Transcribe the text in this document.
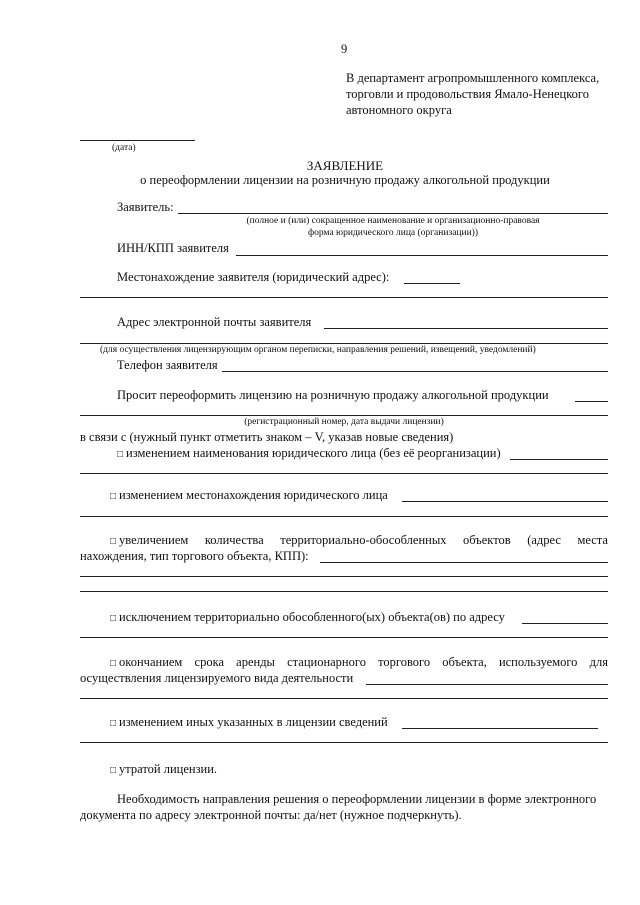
9
В департамент агропромышленного комплекса,
торговли и продовольствия Ямало-Ненецкого
автономного округа
(дата)
ЗАЯВЛЕНИЕ
о переоформлении лицензии на розничную продажу алкогольной продукции
Заявитель:
(полное и (или) сокращенное наименование и организационно-правовая
форма юридического лица (организации))
ИНН/КПП заявителя
Местонахождение заявителя (юридический адрес):
Адрес электронной почты заявителя
(для осуществления лицензирующим органом переписки, направления решений, извещений, уведомлений)
Телефон заявителя
Просит переоформить лицензию на розничную продажу алкогольной продукции
(регистрационный номер, дата выдачи лицензии)
в связи с (нужный пункт отметить знаком – V, указав новые сведения)
□ изменением наименования юридического лица (без её реорганизации)
□ изменением местонахождения юридического лица
□ увеличением количества территориально-обособленных объектов (адрес места
нахождения, тип торгового объекта, КПП):
□ исключением территориально обособленного(ых) объекта(ов) по адресу
□ окончанием срока аренды стационарного торгового объекта, используемого для
осуществления лицензируемого вида деятельности
□ изменением иных указанных в лицензии сведений
□ утратой лицензии.
Необходимость направления решения о переоформлении лицензии в форме электронного
документа по адресу электронной почты: да/нет (нужное подчеркнуть).
